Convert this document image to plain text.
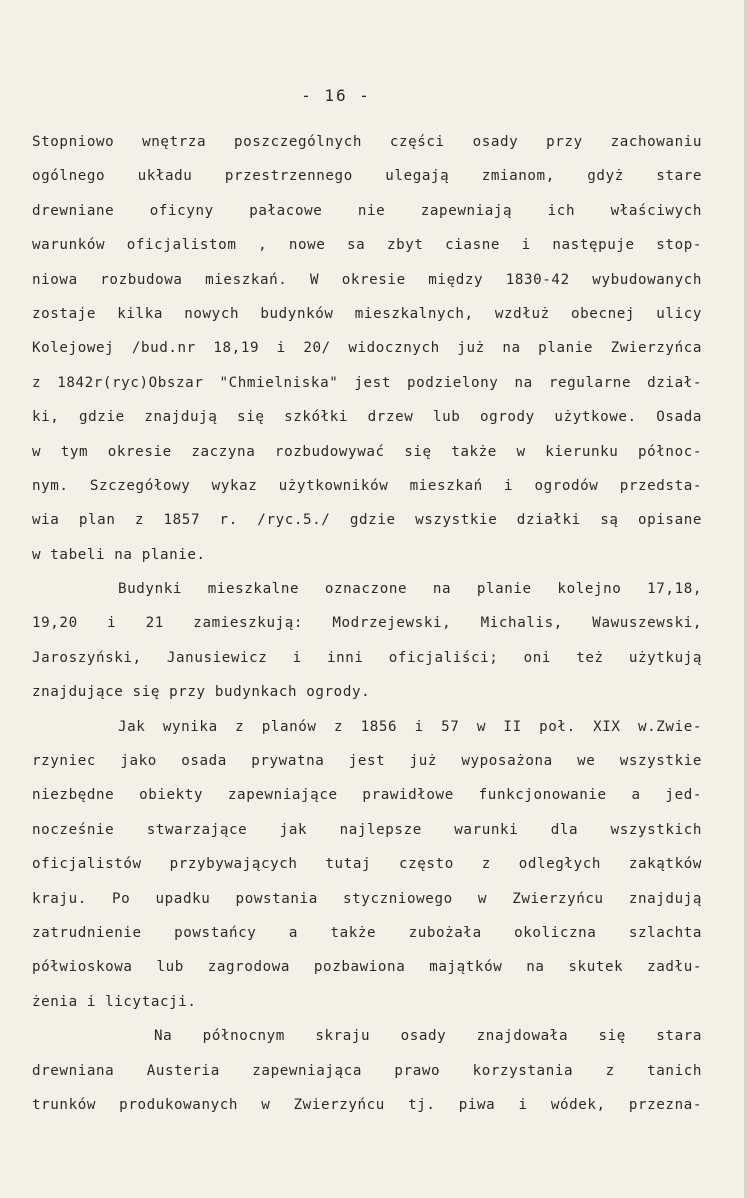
- 16 -
Stopniowo wnętrza poszczególnych części osady przy zachowaniu
ogólnego układu przestrzennego ulegają zmianom, gdyż stare
drewniane oficyny pałacowe nie zapewniają ich właściwych
warunków oficjalistom , nowe sa zbyt ciasne i następuje stop-
niowa rozbudowa mieszkań. W okresie między 1830-42 wybudowanych
zostaje kilka nowych budynków mieszkalnych, wzdłuż obecnej ulicy
Kolejowej /bud.nr 18,19 i 20/ widocznych już na planie Zwierzyńca
z 1842r(ryc)Obszar "Chmielniska" jest podzielony na regularne dział-
ki, gdzie znajdują się szkółki drzew lub ogrody użytkowe. Osada
w tym okresie zaczyna rozbudowywać się także w kierunku północ-
nym. Szczegółowy wykaz użytkowników mieszkań i ogrodów przedsta-
wia plan z 1857 r. /ryc.5./ gdzie wszystkie działki są opisane
w tabeli na planie.
Budynki mieszkalne oznaczone na planie kolejno 17,18,
19,20 i 21 zamieszkują: Modrzejewski, Michalis, Wawuszewski,
Jaroszyński, Janusiewicz i inni oficjaliści; oni też użytkują
znajdujące się przy budynkach ogrody.
Jak wynika z planów z 1856 i 57 w II poł. XIX w.Zwie-
rzyniec jako osada prywatna jest już wyposażona we wszystkie
niezbędne obiekty zapewniające prawidłowe funkcjonowanie a jed-
nocześnie stwarzające jak najlepsze warunki dla wszystkich
oficjalistów przybywających tutaj często z odległych zakątków
kraju. Po upadku powstania styczniowego w Zwierzyńcu znajdują
zatrudnienie powstańcy a także zubożała okoliczna szlachta
półwioskowa lub zagrodowa pozbawiona majątków na skutek zadłu-
żenia i licytacji.
Na północnym skraju osady znajdowała się stara
drewniana Austeria zapewniająca prawo korzystania z tanich
trunków produkowanych w Zwierzyńcu tj. piwa i wódek, przezna-
